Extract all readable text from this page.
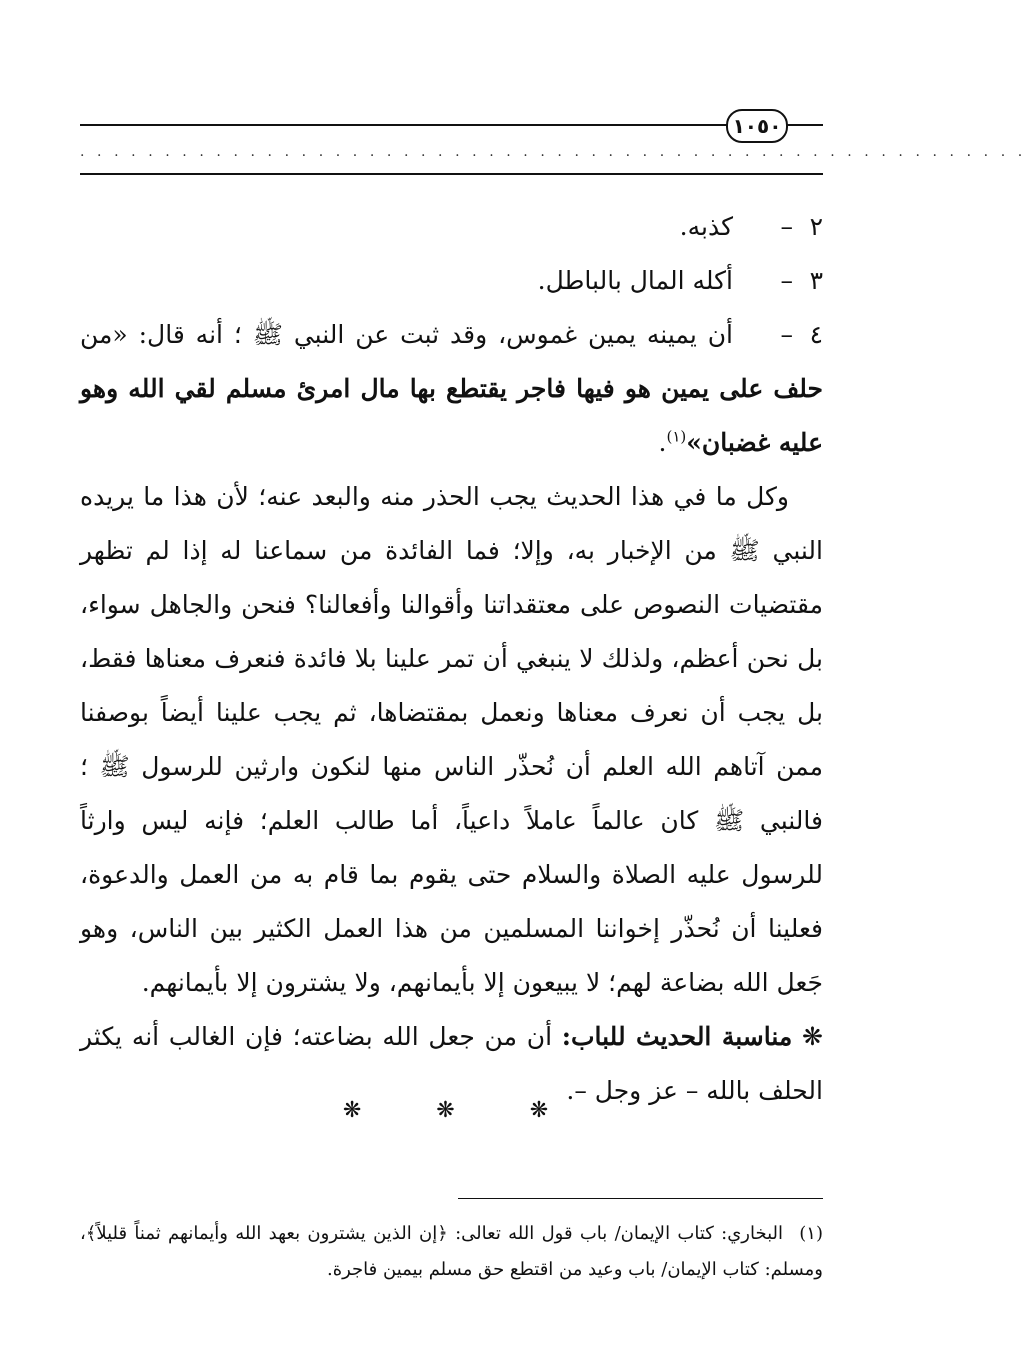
١٠٥٠
........................................................

٢–كذبه.

٣–أكله المال بالباطل.

٤–أن يمينه يمين غموس، وقد ثبت عن النبي ﷺ ؛ أنه قال: «من حلف على يمين هو فيها فاجر يقتطع بها مال امرئ مسلم لقي الله وهو عليه غضبان»$^{(١)}$.

وكل ما في هذا الحديث يجب الحذر منه والبعد عنه؛ لأن هذا ما يريده النبي ﷺ من الإخبار به، وإلا؛ فما الفائدة من سماعنا له إذا لم تظهر مقتضيات النصوص على معتقداتنا وأقوالنا وأفعالنا؟ فنحن والجاهل سواء، بل نحن أعظم، ولذلك لا ينبغي أن تمر علينا بلا فائدة فنعرف معناها فقط، بل يجب أن نعرف معناها ونعمل بمقتضاها، ثم يجب علينا أيضاً بوصفنا ممن آتاهم الله العلم أن نُحذّر الناس منها لنكون وارثين للرسول ﷺ ؛ فالنبي ﷺ كان عالماً عاملاً داعياً، أما طالب العلم؛ فإنه ليس وارثاً للرسول عليه الصلاة والسلام حتى يقوم بما قام به من العمل والدعوة، فعلينا أن نُحذّر إخواننا المسلمين من هذا العمل الكثير بين الناس، وهو جَعل الله بضاعة لهم؛ لا يبيعون إلا بأيمانهم، ولا يشترون إلا بأيمانهم.

❋ مناسبة الحديث للباب: أن من جعل الله بضاعته؛ فإن الغالب أنه يكثر الحلف بالله – عز وجل –.

❋ ❋ ❋
(١)البخاري: كتاب الإيمان/ باب قول الله تعالى: ﴿إن الذين يشترون بعهد الله وأيمانهم ثمناً قليلاً﴾، ومسلم: كتاب الإيمان/ باب وعيد من اقتطع حق مسلم بيمين فاجرة.
